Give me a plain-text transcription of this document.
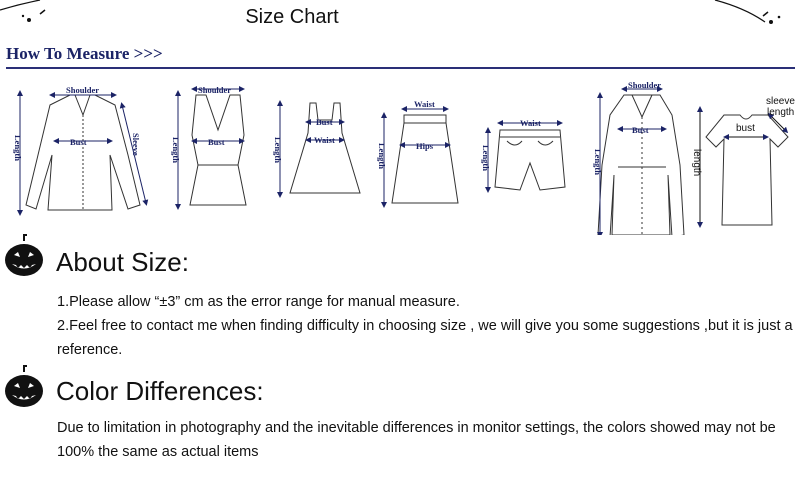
Size Chart
How To Measure >>>
Shoulder
Bust	Sleeve
Length
Shoulder
Bust
Length
Bust
Waist
Length
Waist
Hips
Length
Waist
Length
Shoulder
Bust
Length
sleeve
length
bust
length
About Size:
1.Please allow “±3” cm as the error range for manual measure.
2.Feel free to contact me when finding difficulty in choosing size , we will give you some suggestions ,but it is just a reference.
Color Differences:
Due to limitation in photography and the inevitable differences in monitor settings, the colors showed may not be 100% the same as actual items
